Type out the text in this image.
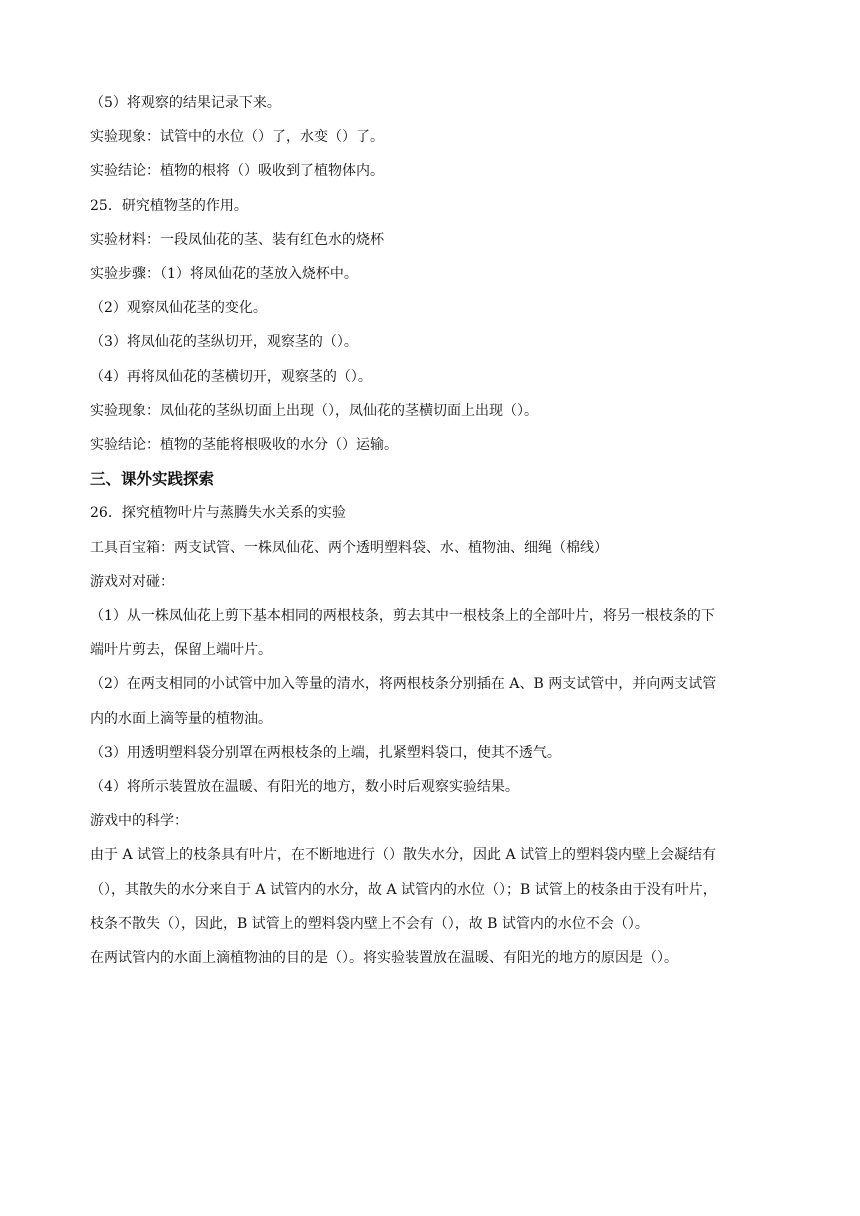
（5）将观察的结果记录下来。

实验现象：试管中的水位（）了，水变（）了。

实验结论：植物的根将（）吸收到了植物体内。

25．研究植物茎的作用。

实验材料：一段凤仙花的茎、装有红色水的烧杯

实验步骤：（1）将凤仙花的茎放入烧杯中。

（2）观察凤仙花茎的变化。

（3）将凤仙花的茎纵切开，观察茎的（）。

（4）再将凤仙花的茎横切开，观察茎的（）。

实验现象：凤仙花的茎纵切面上出现（），凤仙花的茎横切面上出现（）。

实验结论：植物的茎能将根吸收的水分（）运输。

三、课外实践探索

26．探究植物叶片与蒸腾失水关系的实验

工具百宝箱：两支试管、一株凤仙花、两个透明塑料袋、水、植物油、细绳（棉线）

游戏对对碰：

（1）从一株凤仙花上剪下基本相同的两根枝条，剪去其中一根枝条上的全部叶片，将另一根枝条的下

端叶片剪去，保留上端叶片。

（2）在两支相同的小试管中加入等量的清水，将两根枝条分别插在 A、B 两支试管中，并向两支试管

内的水面上滴等量的植物油。

（3）用透明塑料袋分别罩在两根枝条的上端，扎紧塑料袋口，使其不透气。

（4）将所示装置放在温暖、有阳光的地方，数小时后观察实验结果。

游戏中的科学：

由于 A 试管上的枝条具有叶片，在不断地进行（）散失水分，因此 A 试管上的塑料袋内壁上会凝结有

（），其散失的水分来自于 A 试管内的水分，故 A 试管内的水位（）；B 试管上的枝条由于没有叶片，

枝条不散失（），因此，B 试管上的塑料袋内壁上不会有（），故 B 试管内的水位不会（）。

在两试管内的水面上滴植物油的目的是（）。将实验装置放在温暖、有阳光的地方的原因是（）。
